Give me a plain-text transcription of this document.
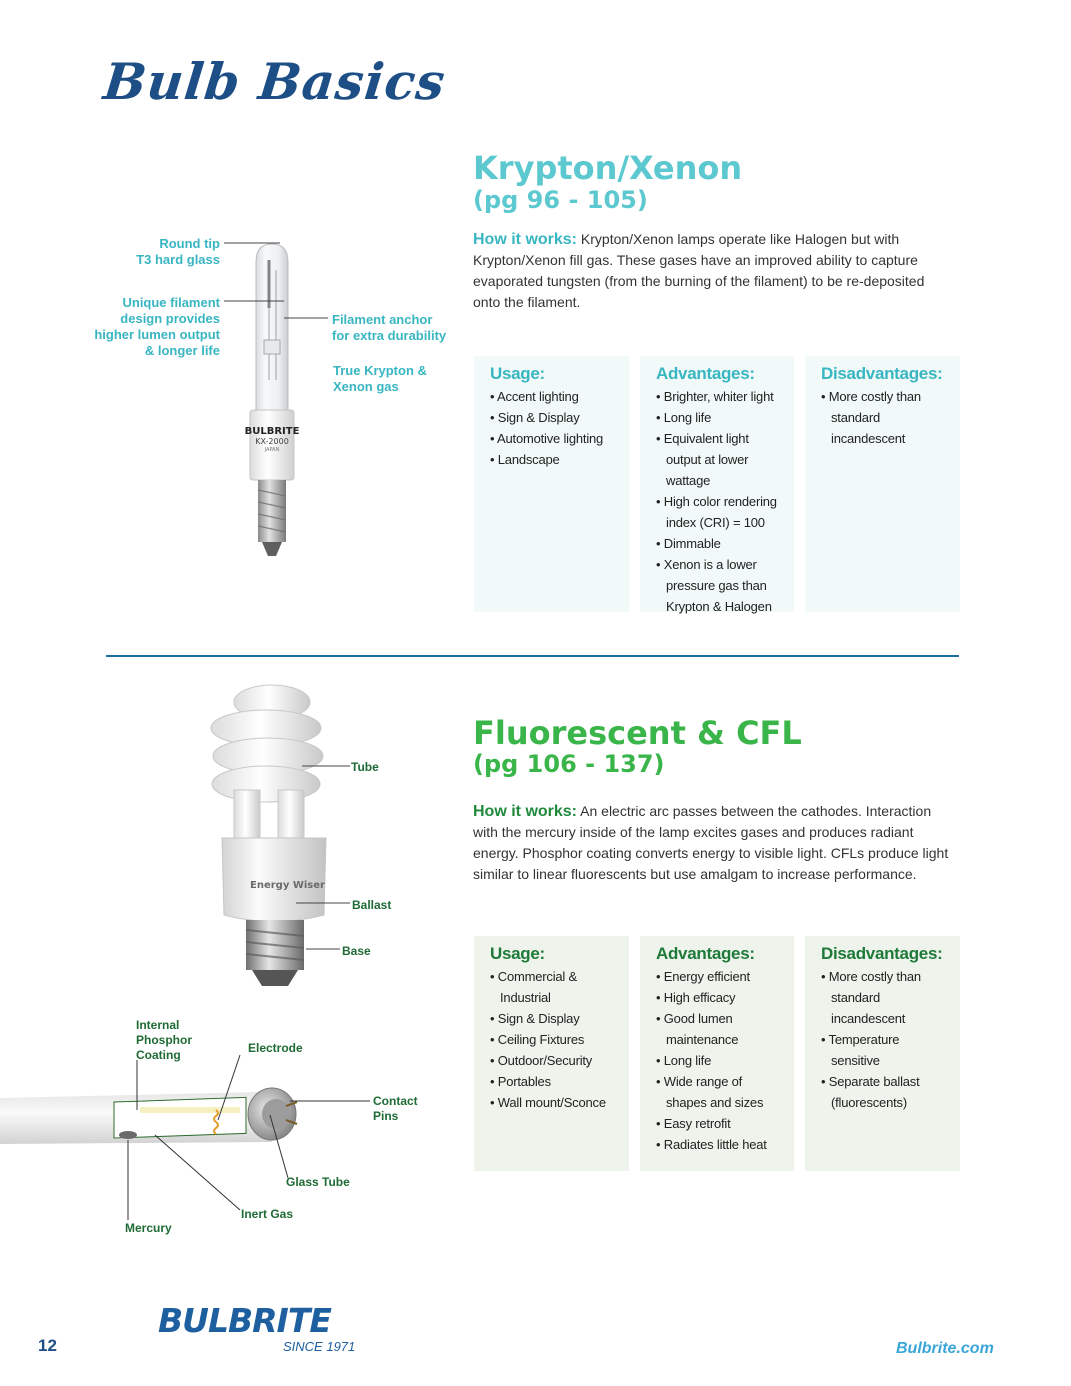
Bulb Basics
Krypton/Xenon
(pg 96 - 105)
How it works: Krypton/Xenon lamps operate like Halogen but with Krypton/Xenon fill gas. These gases have an improved ability to capture evaporated tungsten (from the burning of the filament) to be re-deposited onto the filament.
Usage:
• Accent lighting
• Sign & Display
• Automotive lighting
• Landscape
Advantages:
• Brighter, whiter light
• Long life
• Equivalent light output at lower wattage
• High color rendering index (CRI) = 100
• Dimmable
• Xenon is a lower pressure gas than Krypton & Halogen
Disadvantages:
• More costly than standard incandescent
BULBRITE
KX-2000
JAPAN
Round tip
T3 hard glass
Unique filament
design provides
higher lumen output
& longer life
Filament anchor
for extra durability
True Krypton &
Xenon gas
Fluorescent & CFL
(pg 106 - 137)
How it works: An electric arc passes between the cathodes. Interaction with the mercury inside of the lamp excites gases and produces radiant energy. Phosphor coating converts energy to visible light. CFLs produce light similar to linear fluorescents but use amalgam to increase performance.
Usage:
• Commercial & Industrial
• Sign & Display
• Ceiling Fixtures
• Outdoor/Security
• Portables
• Wall mount/Sconce
Advantages:
• Energy efficient
• High efficacy
• Good lumen maintenance
• Long life
• Wide range of shapes and sizes
• Easy retrofit
• Radiates little heat
Disadvantages:
• More costly than standard incandescent
• Temperature sensitive
• Separate ballast (fluorescents)
Energy Wiser
Tube
Ballast
Base
Internal
Phosphor
Coating	Electrode
Contact
Pins
Glass Tube
Inert Gas
Mercury
12
BULBRITE
SINCE 1971	Bulbrite.com
